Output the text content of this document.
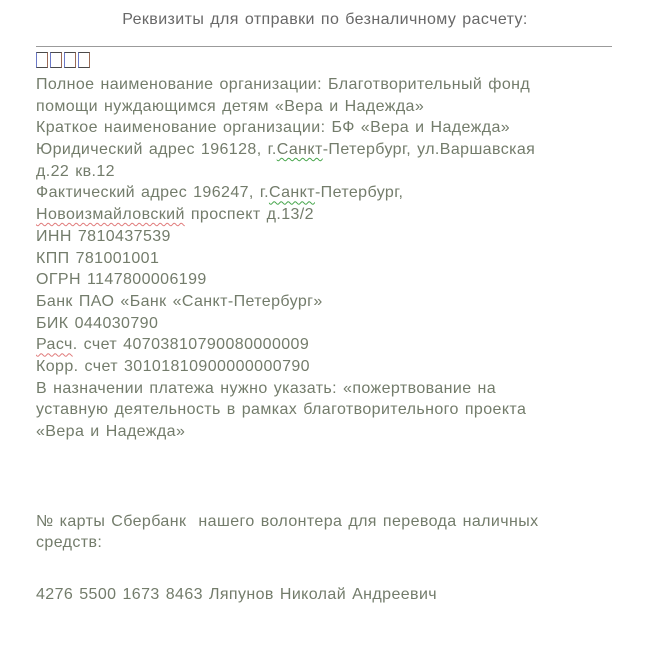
Реквизиты для отправки по безналичному расчету:
Полное наименование организации: Благотворительный фонд
помощи нуждающимся детям «Вера и Надежда»
Краткое наименование организации: БФ «Вера и Надежда»
Юридический адрес 196128, г.Санкт-Петербург, ул.Варшавская
д.22 кв.12
Фактический адрес 196247, г.Санкт-Петербург,
Новоизмайловский проспект д.13/2
ИНН 7810437539
КПП 781001001
ОГРН 1147800006199
Банк ПАО «Банк «Санкт-Петербург»
БИК 044030790
Расч. счет 40703810790080000009
Корр. счет 30101810900000000790
В назначении платежа нужно указать: «пожертвование на
уставную деятельность в рамках благотворительного проекта
«Вера и Надежда»
№ карты Сбербанк  нашего волонтера для перевода наличных
средств:
4276 5500 1673 8463 Ляпунов Николай Андреевич
